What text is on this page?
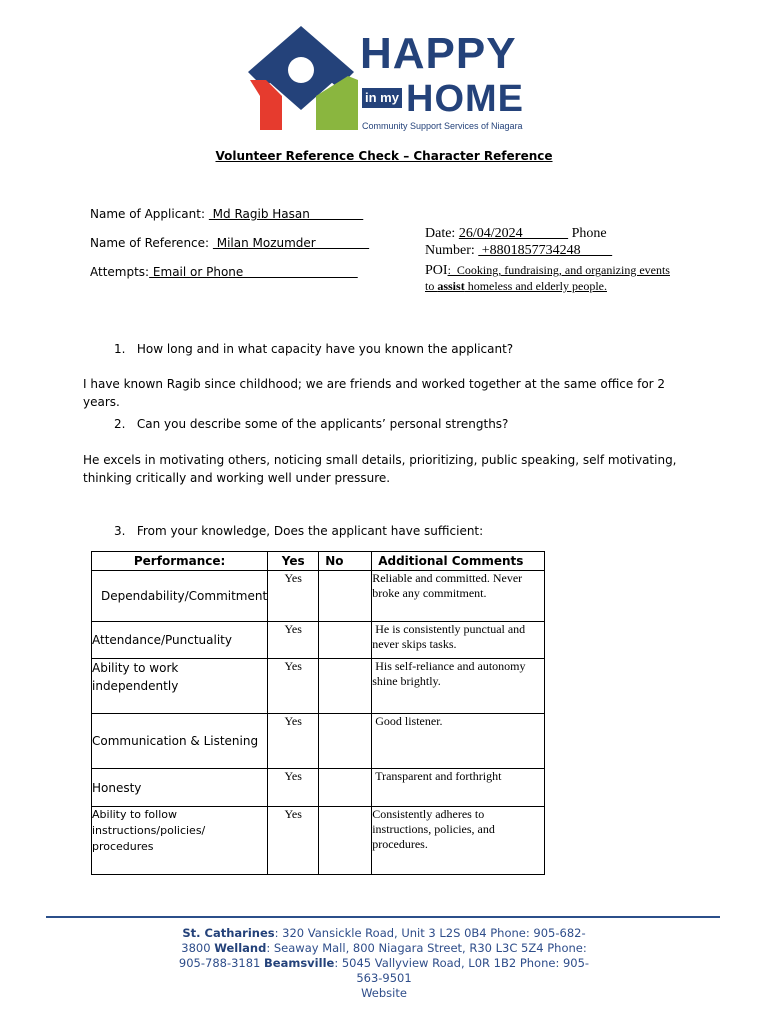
HAPPY
in my HOME
Community Support Services of Niagara
Volunteer Reference Check – Character Reference
Name of Applicant:  Md Ragib Hasan
Name of Reference:  Milan Mozumder
Attempts: Email or Phone
Date: 26/04/2024              Phone
Number:  +8801857734248
POI:  Cooking, fundraising, and organizing events
to assist homeless and elderly people.
1. How long and in what capacity have you known the applicant?
I have known Ragib since childhood; we are friends and worked together at the same office for 2 years.
2. Can you describe some of the applicants’ personal strengths?
He excels in motivating others, noticing small details, prioritizing, public speaking, self motivating, thinking critically and working well under pressure.
3. From your knowledge, Does the applicant have sufficient:
Performance:	Yes	No	Additional Comments
Dependability/Commitment	Yes		Reliable and committed. Never broke any commitment.
Attendance/Punctuality	Yes		He is consistently punctual and never skips tasks.
Ability to work independently	Yes		His self-reliance and autonomy shine brightly.
Communication & Listening	Yes		Good listener.
Honesty	Yes		Transparent and forthright
Ability to follow instructions/policies/ procedures	Yes		Consistently adheres to instructions, policies, and procedures.
St. Catharines: 320 Vansickle Road, Unit 3 L2S 0B4 Phone: 905-682-3800 Welland: Seaway Mall, 800 Niagara Street, R30 L3C 5Z4 Phone: 905-788-3181 Beamsville: 5045 Vallyview Road, L0R 1B2 Phone: 905-563-9501
Website
